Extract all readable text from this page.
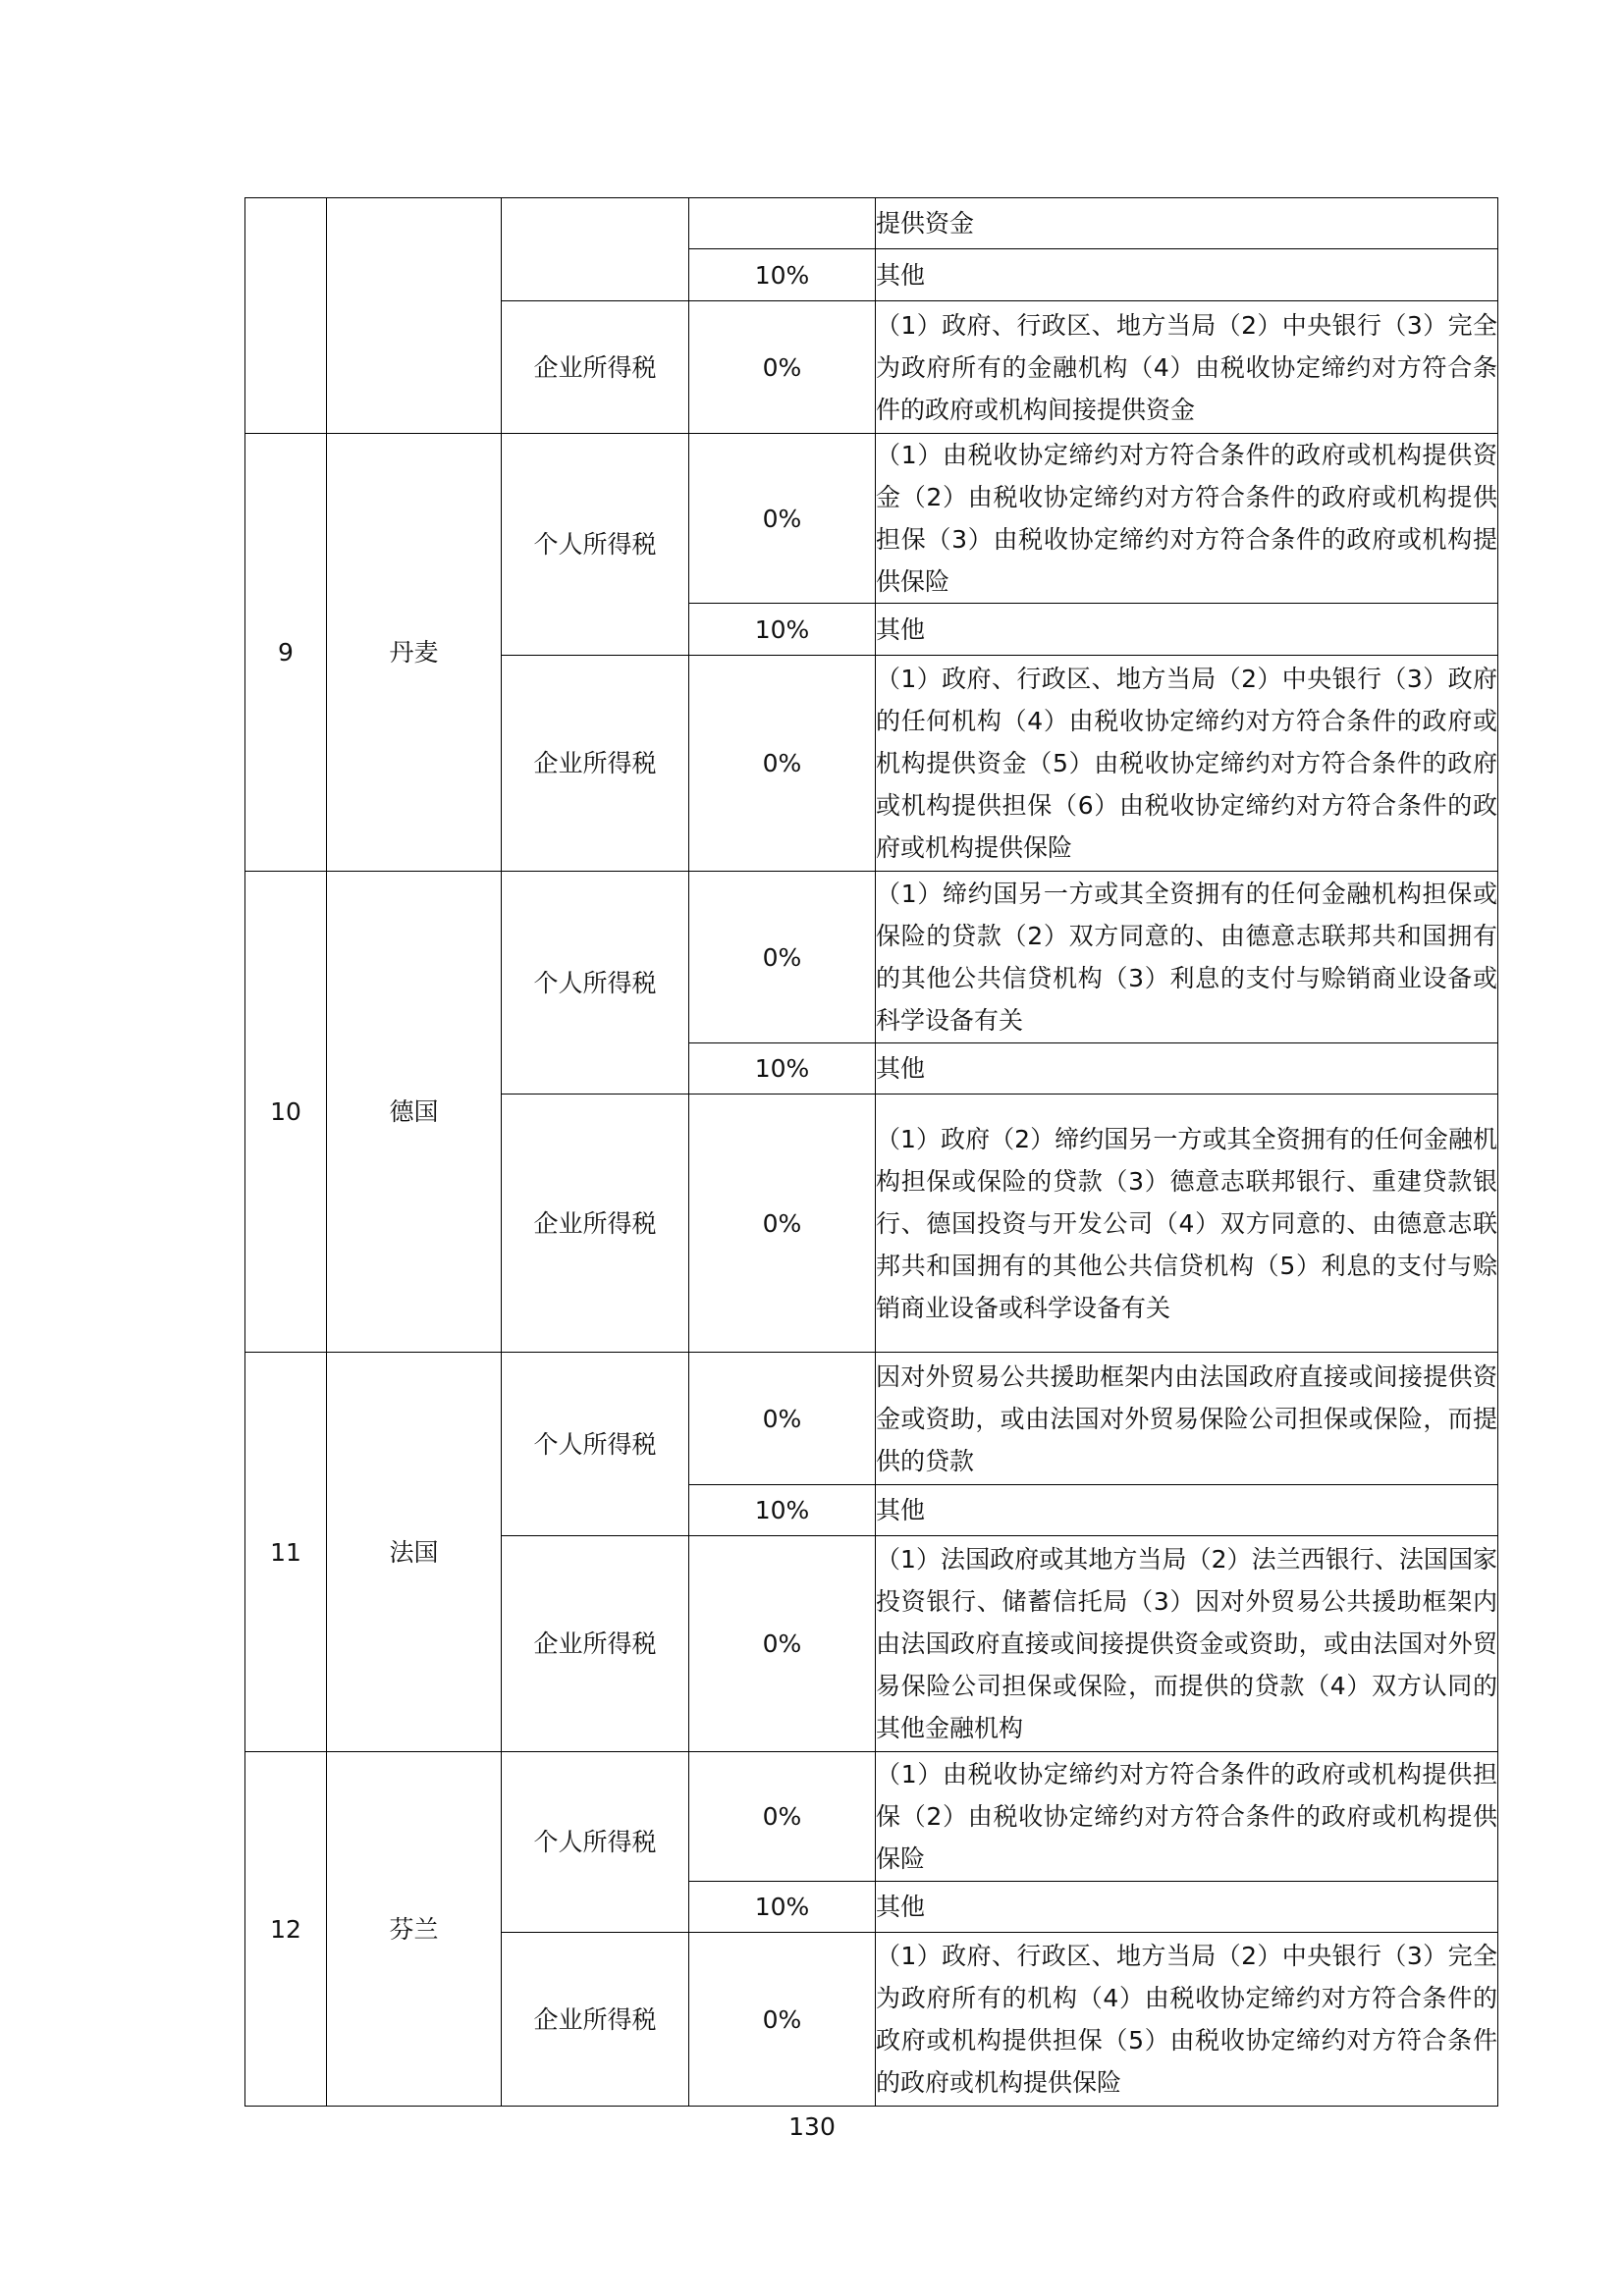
				提供资金
			10%	其他
		企业所得税	0%	（1）政府、行政区、地方当局（2）中央银行（3）完全为政府所有的金融机构（4）由税收协定缔约对方符合条件的政府或机构间接提供资金
9	丹麦	个人所得税	0%	（1）由税收协定缔约对方符合条件的政府或机构提供资金（2）由税收协定缔约对方符合条件的政府或机构提供担保（3）由税收协定缔约对方符合条件的政府或机构提供保险
			10%	其他
		企业所得税	0%	（1）政府、行政区、地方当局（2）中央银行（3）政府的任何机构（4）由税收协定缔约对方符合条件的政府或机构提供资金（5）由税收协定缔约对方符合条件的政府或机构提供担保（6）由税收协定缔约对方符合条件的政府或机构提供保险
10	德国	个人所得税	0%	（1）缔约国另一方或其全资拥有的任何金融机构担保或保险的贷款（2）双方同意的、由德意志联邦共和国拥有的其他公共信贷机构（3）利息的支付与赊销商业设备或科学设备有关
			10%	其他
		企业所得税	0%	（1）政府（2）缔约国另一方或其全资拥有的任何金融机构担保或保险的贷款（3）德意志联邦银行、重建贷款银行、德国投资与开发公司（4）双方同意的、由德意志联邦共和国拥有的其他公共信贷机构（5）利息的支付与赊销商业设备或科学设备有关
11	法国	个人所得税	0%	因对外贸易公共援助框架内由法国政府直接或间接提供资金或资助，或由法国对外贸易保险公司担保或保险，而提供的贷款
			10%	其他
		企业所得税	0%	（1）法国政府或其地方当局（2）法兰西银行、法国国家投资银行、储蓄信托局（3）因对外贸易公共援助框架内由法国政府直接或间接提供资金或资助，或由法国对外贸易保险公司担保或保险，而提供的贷款（4）双方认同的其他金融机构
12	芬兰	个人所得税	0%	（1）由税收协定缔约对方符合条件的政府或机构提供担保（2）由税收协定缔约对方符合条件的政府或机构提供保险
			10%	其他
		企业所得税	0%	（1）政府、行政区、地方当局（2）中央银行（3）完全为政府所有的机构（4）由税收协定缔约对方符合条件的政府或机构提供担保（5）由税收协定缔约对方符合条件的政府或机构提供保险
130
